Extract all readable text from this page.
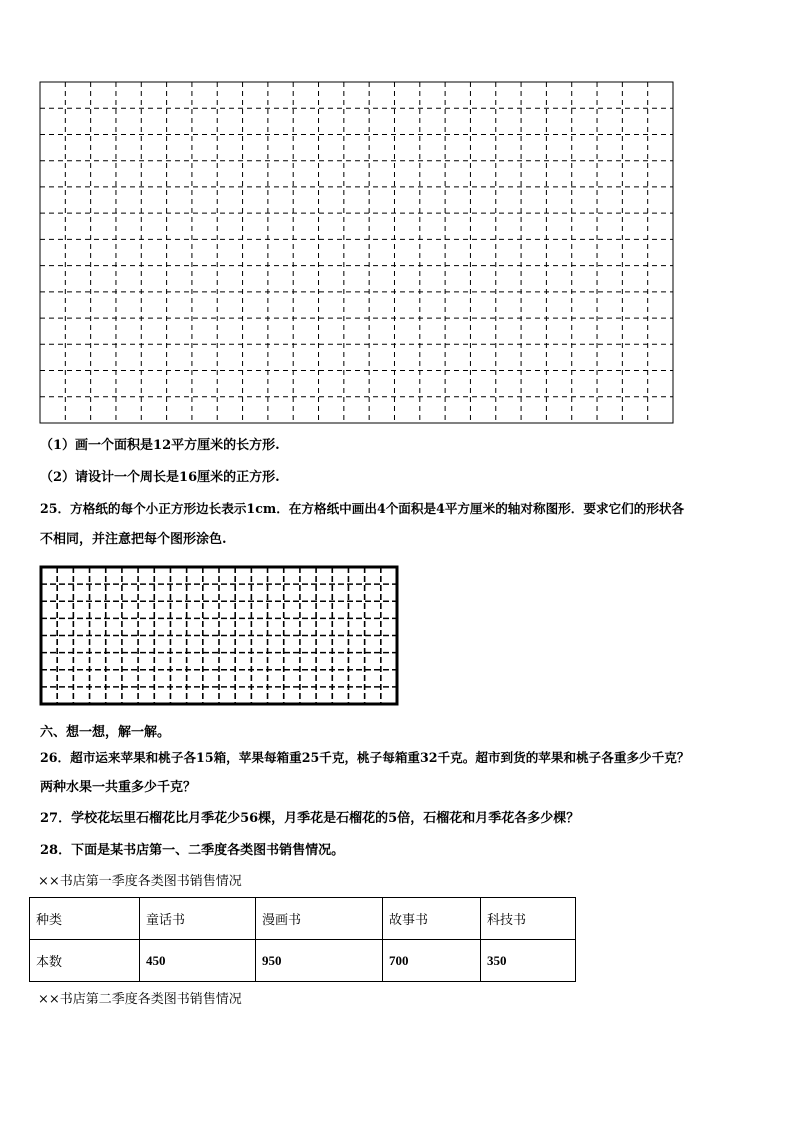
（1）画一个面积是12平方厘米的长方形.
（2）请设计一个周长是16厘米的正方形.
25．方格纸的每个小正方形边长表示1cm．在方格纸中画出4个面积是4平方厘米的轴对称图形．要求它们的形状各
不相同，并注意把每个图形涂色.
六、想一想，解一解。
26．超市运来苹果和桃子各15箱，苹果每箱重25千克，桃子每箱重32千克。超市到货的苹果和桃子各重多少千克？
两种水果一共重多少千克？
27．学校花坛里石榴花比月季花少56棵，月季花是石榴花的5倍，石榴花和月季花各多少棵？
28．下面是某书店第一、二季度各类图书销售情况。
××书店第一季度各类图书销售情况
种类	童话书	漫画书	故事书	科技书
本数	450	950	700	350
××书店第二季度各类图书销售情况
